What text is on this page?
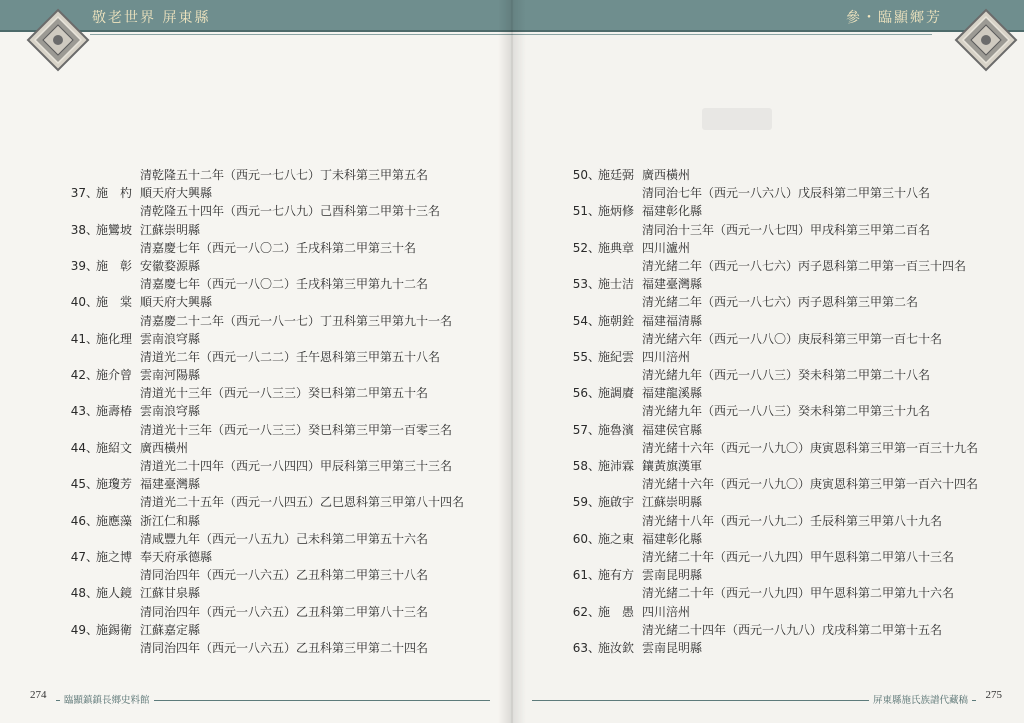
敬老世界 屏東縣
清乾隆五十二年（西元一七八七）丁未科第三甲第五名
37、施　杓 順天府大興縣
清乾隆五十四年（西元一七八九）己酉科第二甲第十三名
38、施鸞坡 江蘇崇明縣
清嘉慶七年（西元一八〇二）壬戌科第二甲第三十名
39、施　彰 安徽婺源縣
清嘉慶七年（西元一八〇二）壬戌科第三甲第九十二名
40、施　棠 順天府大興縣
清嘉慶二十二年（西元一八一七）丁丑科第三甲第九十一名
41、施化理 雲南浪穹縣
清道光二年（西元一八二二）壬午恩科第三甲第五十八名
42、施介曾 雲南河陽縣
清道光十三年（西元一八三三）癸巳科第二甲第五十名
43、施壽椿 雲南浪穹縣
清道光十三年（西元一八三三）癸巳科第三甲第一百零三名
44、施紹文 廣西橫州
清道光二十四年（西元一八四四）甲辰科第三甲第三十三名
45、施瓊芳 福建臺灣縣
清道光二十五年（西元一八四五）乙巳恩科第三甲第八十四名
46、施應藻 浙江仁和縣
清咸豐九年（西元一八五九）己未科第二甲第五十六名
47、施之博 奉天府承德縣
清同治四年（西元一八六五）乙丑科第二甲第三十八名
48、施人鏡 江蘇甘泉縣
清同治四年（西元一八六五）乙丑科第二甲第八十三名
49、施錫衛 江蘇嘉定縣
清同治四年（西元一八六五）乙丑科第三甲第二十四名
274	臨顯鎮鎮長鄉史料館
參・臨顯鄉芳
50、施廷弼 廣西橫州
清同治七年（西元一八六八）戊辰科第二甲第三十八名
51、施炳修 福建彰化縣
清同治十三年（西元一八七四）甲戌科第三甲第二百名
52、施典章 四川瀘州
清光緒二年（西元一八七六）丙子恩科第二甲第一百三十四名
53、施士洁 福建臺灣縣
清光緒二年（西元一八七六）丙子恩科第三甲第二名
54、施朝銓 福建福清縣
清光緒六年（西元一八八〇）庚辰科第三甲第一百七十名
55、施紀雲 四川涪州
清光緒九年（西元一八八三）癸未科第二甲第二十八名
56、施調賡 福建龍溪縣
清光緒九年（西元一八八三）癸未科第二甲第三十九名
57、施魯濱 福建侯官縣
清光緒十六年（西元一八九〇）庚寅恩科第三甲第一百三十九名
58、施沛霖 鑲黃旗漢軍
清光緒十六年（西元一八九〇）庚寅恩科第三甲第一百六十四名
59、施啟宇 江蘇崇明縣
清光緒十八年（西元一八九二）壬辰科第三甲第八十九名
60、施之東 福建彰化縣
清光緒二十年（西元一八九四）甲午恩科第二甲第八十三名
61、施有方 雲南昆明縣
清光緒二十年（西元一八九四）甲午恩科第二甲第九十六名
62、施　愚 四川涪州
清光緒二十四年（西元一八九八）戊戌科第二甲第十五名
63、施汝欽 雲南昆明縣
屏東縣施氏族譜代藏稿	275
